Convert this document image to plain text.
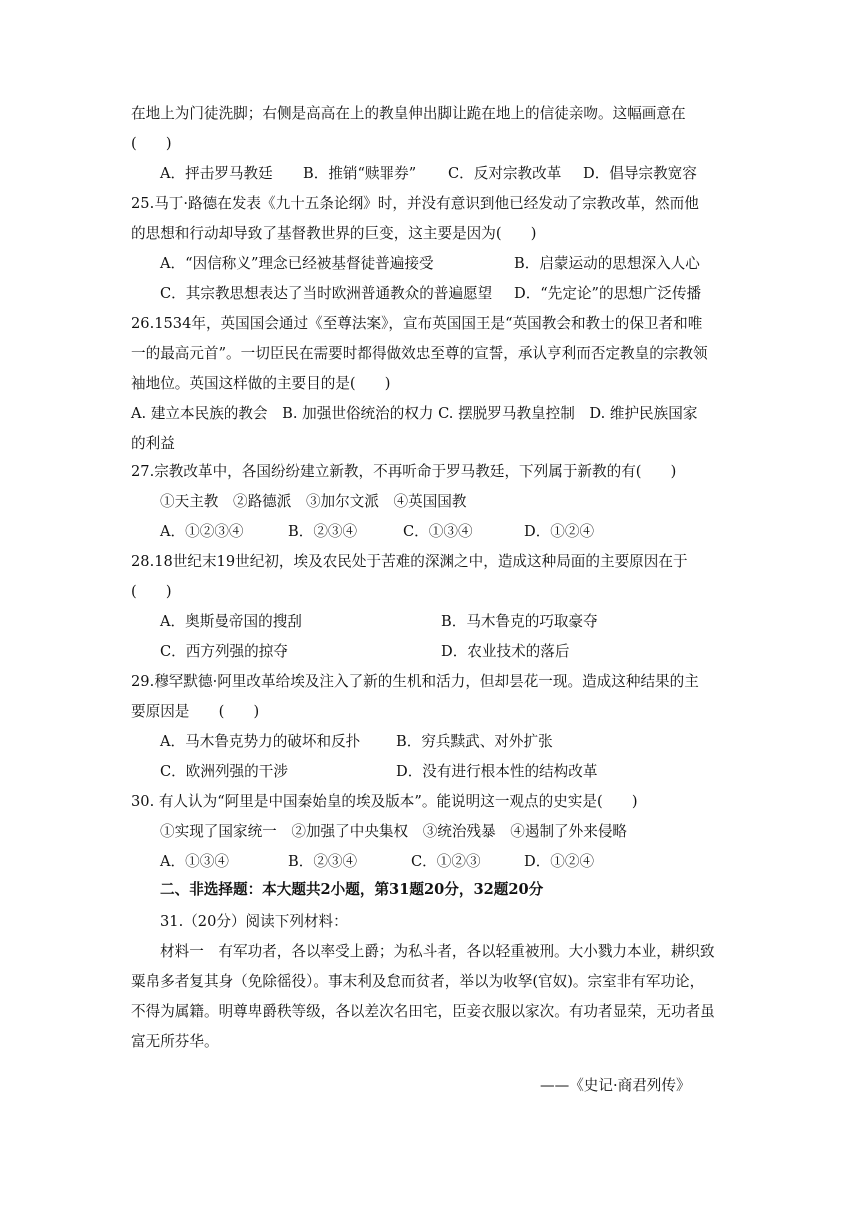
在地上为门徒洗脚；右侧是高高在上的教皇伸出脚让跪在地上的信徒亲吻。这幅画意在
(　　)
A．抨击罗马教廷 B．推销“赎罪券” C．反对宗教改革 D．倡导宗教宽容
25.马丁·路德在发表《九十五条论纲》时，并没有意识到他已经发动了宗教改革，然而他
的思想和行动却导致了基督教世界的巨变，这主要是因为(　　)
A．“因信称义”理念已经被基督徒普遍接受	B．启蒙运动的思想深入人心
C．其宗教思想表达了当时欧洲普通教众的普遍愿望 D．“先定论”的思想广泛传播
26.1534年，英国国会通过《至尊法案》，宣布英国国王是“英国教会和教士的保卫者和唯
一的最高元首”。一切臣民在需要时都得做效忠至尊的宣誓，承认亨利而否定教皇的宗教领
袖地位。英国这样做的主要目的是(　　)
A. 建立本民族的教会　B. 加强世俗统治的权力 C. 摆脱罗马教皇控制　D. 维护民族国家
的利益
27.宗教改革中，各国纷纷建立新教，不再听命于罗马教廷，下列属于新教的有(　　)
①天主教　②路德派　③加尔文派　④英国国教
A．①②③④	B．②③④	C．①③④	D．①②④
28.18世纪末19世纪初，埃及农民处于苦难的深渊之中，造成这种局面的主要原因在于
(　　)
A．奥斯曼帝国的搜刮	B．马木鲁克的巧取豪夺
C．西方列强的掠夺	D．农业技术的落后
29.穆罕默德·阿里改革给埃及注入了新的生机和活力，但却昙花一现。造成这种结果的主
要原因是　　(　　)
A．马木鲁克势力的破坏和反扑 B．穷兵黩武、对外扩张
C．欧洲列强的干涉	D．没有进行根本性的结构改革
30. 有人认为“阿里是中国秦始皇的埃及版本”。能说明这一观点的史实是(　　)
①实现了国家统一　②加强了中央集权　③统治残暴　④遏制了外来侵略
A．①③④	B．②③④	C．①②③	D．①②④
二、非选择题：本大题共2小题，第31题20分，32题20分
31.（20分）阅读下列材料：
材料一　有军功者，各以率受上爵；为私斗者，各以轻重被刑。大小戮力本业，耕织致
粟帛多者复其身（免除徭役）。事末利及怠而贫者，举以为收孥(官奴)。宗室非有军功论，
不得为属籍。明尊卑爵秩等级，各以差次名田宅，臣妾衣服以家次。有功者显荣，无功者虽
富无所芬华。
——《史记·商君列传》
